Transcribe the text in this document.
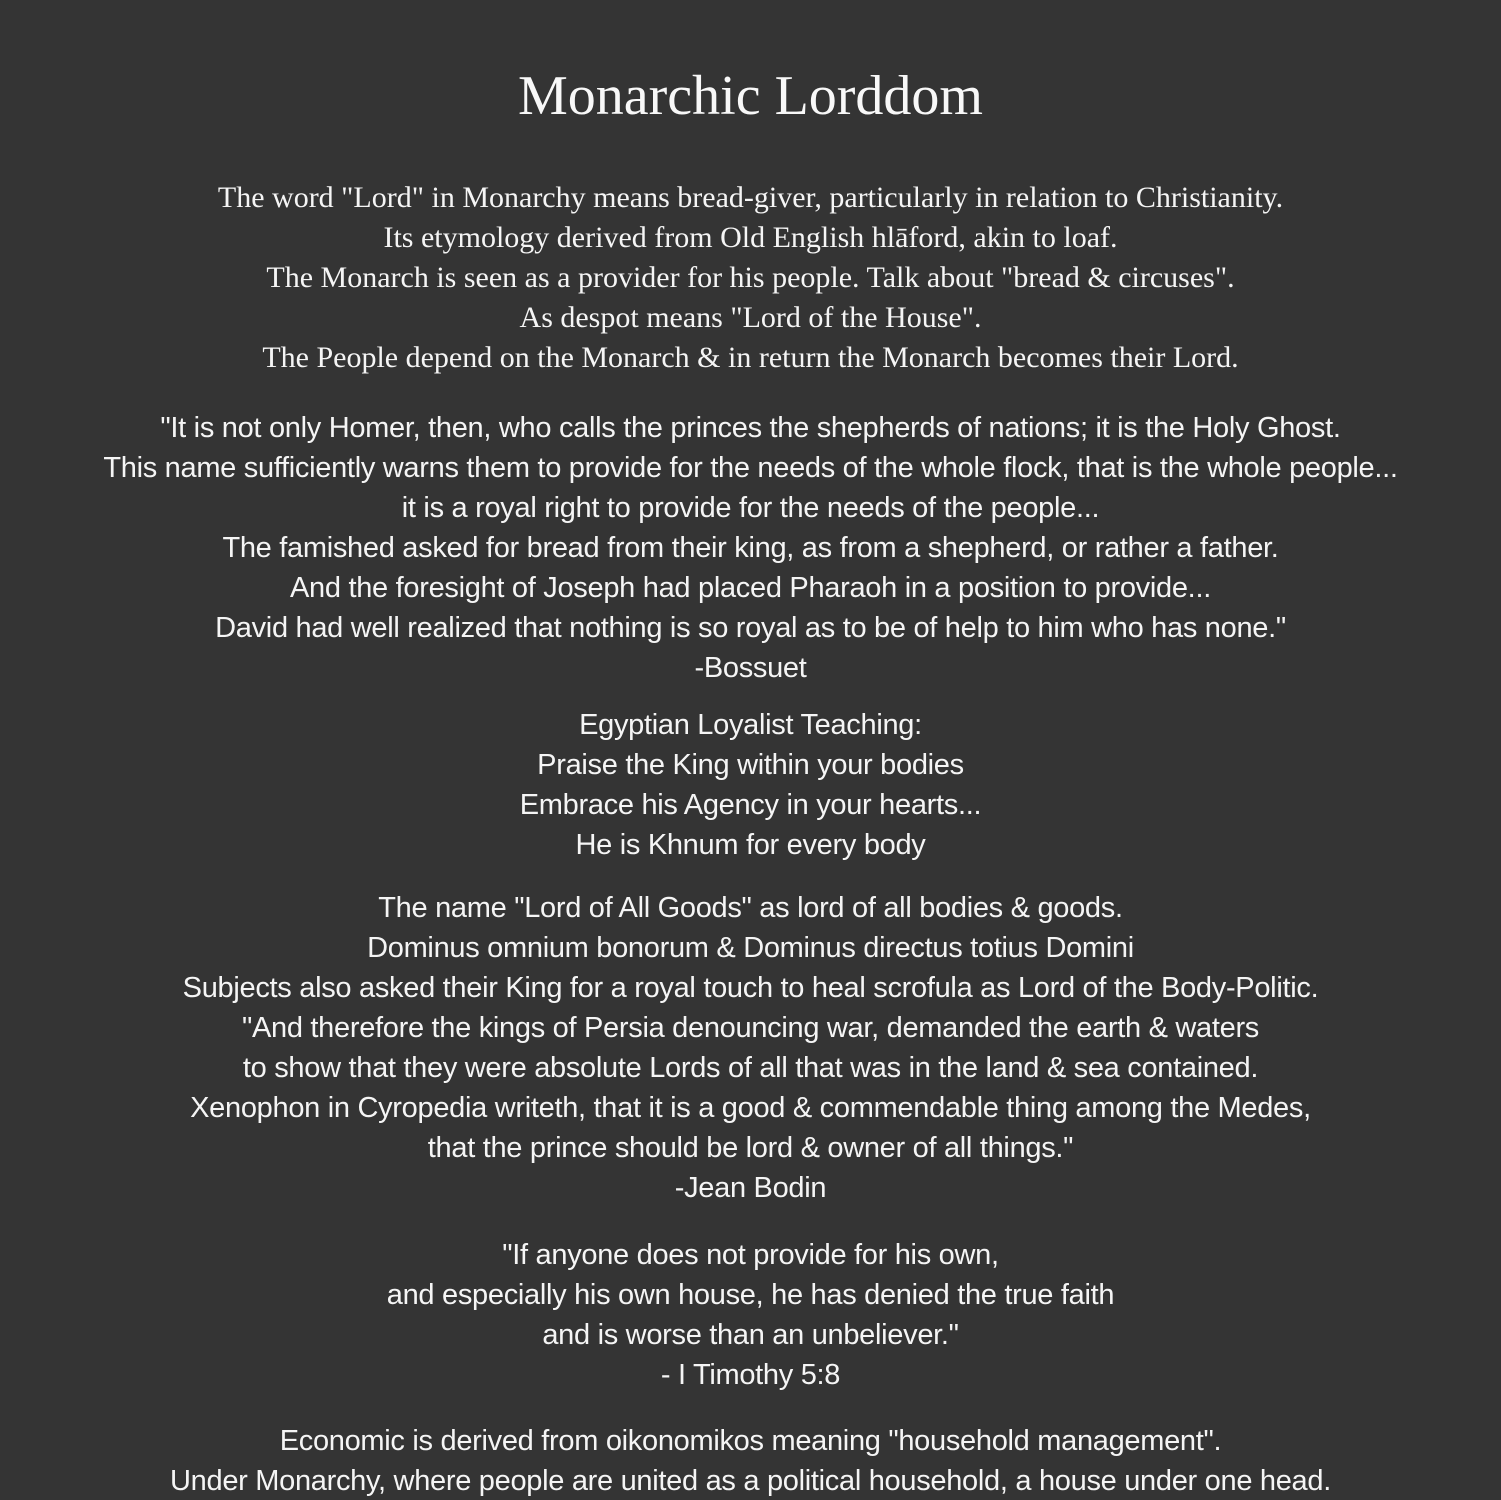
Monarchic Lorddom
The word "Lord" in Monarchy means bread-giver, particularly in relation to Christianity.
Its etymology derived from Old English hlāford, akin to loaf.
The Monarch is seen as a provider for his people. Talk about "bread & circuses".
As despot means "Lord of the House".
The People depend on the Monarch & in return the Monarch becomes their Lord.
"It is not only Homer, then, who calls the princes the shepherds of nations; it is the Holy Ghost.
This name sufficiently warns them to provide for the needs of the whole flock, that is the whole people...
it is a royal right to provide for the needs of the people...
The famished asked for bread from their king, as from a shepherd, or rather a father.
And the foresight of Joseph had placed Pharaoh in a position to provide...
David had well realized that nothing is so royal as to be of help to him who has none."
-Bossuet
Egyptian Loyalist Teaching:
Praise the King within your bodies
Embrace his Agency in your hearts...
He is Khnum for every body
The name "Lord of All Goods" as lord of all bodies & goods.
Dominus omnium bonorum & Dominus directus totius Domini
Subjects also asked their King for a royal touch to heal scrofula as Lord of the Body-Politic.
"And therefore the kings of Persia denouncing war, demanded the earth & waters
to show that they were absolute Lords of all that was in the land & sea contained.
Xenophon in Cyropedia writeth, that it is a good & commendable thing among the Medes,
that the prince should be lord & owner of all things."
-Jean Bodin
"If anyone does not provide for his own,
and especially his own house, he has denied the true faith
and is worse than an unbeliever."
- I Timothy 5:8
Economic is derived from oikonomikos meaning "household management".
Under Monarchy, where people are united as a political household, a house under one head.
